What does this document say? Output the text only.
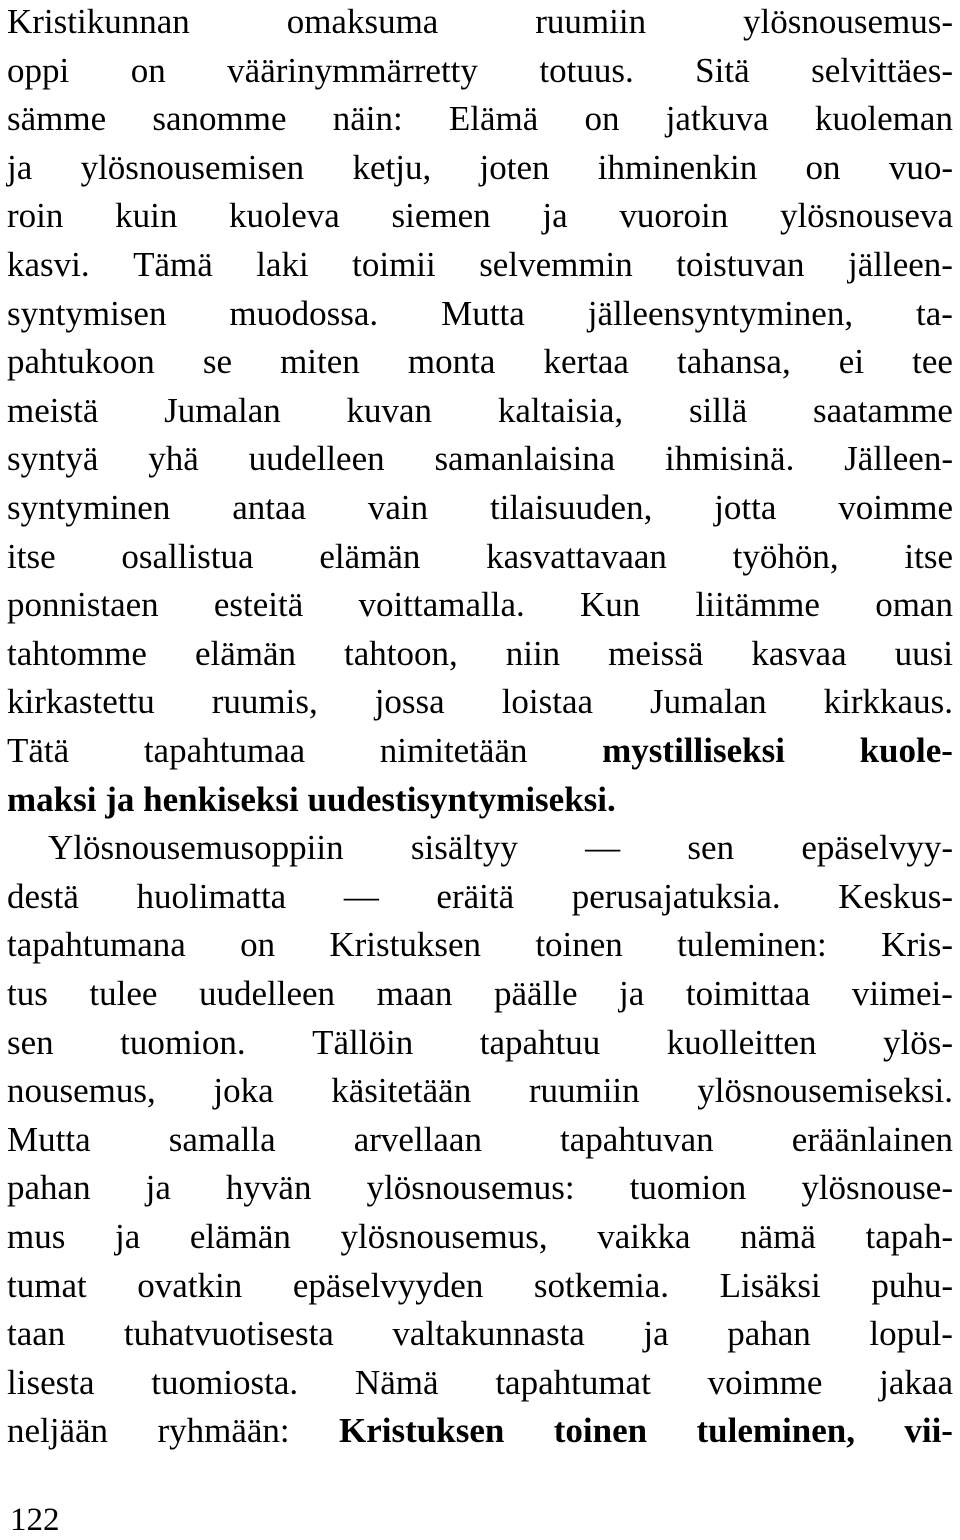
Kristikunnan	omaksuma	ruumiin	ylösnousemus-
oppi on väärinymmärretty totuus. Sitä selvittäes-
sämme sanomme näin: Elämä on jatkuva kuoleman
ja ylösnousemisen ketju, joten ihminenkin on vuo-
roin kuin kuoleva siemen ja vuoroin ylösnouseva
kasvi. Tämä laki toimii selvemmin toistuvan jälleen-
syntymisen muodossa. Mutta jälleensyntyminen, ta-
pahtukoon se miten monta kertaa tahansa, ei tee
meistä Jumalan kuvan kaltaisia, sillä saatamme
syntyä yhä uudelleen samanlaisina ihmisinä. Jälleen-
syntyminen antaa vain tilaisuuden, jotta voimme
itse osallistua elämän kasvattavaan työhön, itse
ponnistaen esteitä voittamalla. Kun liitämme oman
tahtomme elämän tahtoon, niin meissä kasvaa uusi
kirkastettu ruumis, jossa loistaa Jumalan kirkkaus.
Tätä tapahtumaa nimitetään mystilliseksi kuole-
maksi ja henkiseksi uudestisyntymiseksi.
Ylösnousemusoppiin sisältyy — sen epäselvyy-
destä huolimatta — eräitä perusajatuksia. Keskus-
tapahtumana on Kristuksen toinen tuleminen: Kris-
tus tulee uudelleen maan päälle ja toimittaa viimei-
sen tuomion. Tällöin tapahtuu kuolleitten ylös-
nousemus, joka käsitetään ruumiin ylösnousemiseksi.
Mutta samalla arvellaan tapahtuvan eräänlainen
pahan ja hyvän ylösnousemus: tuomion ylösnouse-
mus ja elämän ylösnousemus, vaikka nämä tapah-
tumat ovatkin epäselvyyden sotkemia. Lisäksi puhu-
taan tuhatvuotisesta valtakunnasta ja pahan lopul-
lisesta tuomiosta. Nämä tapahtumat voimme jakaa
neljään ryhmään: Kristuksen toinen tuleminen, vii-
122
